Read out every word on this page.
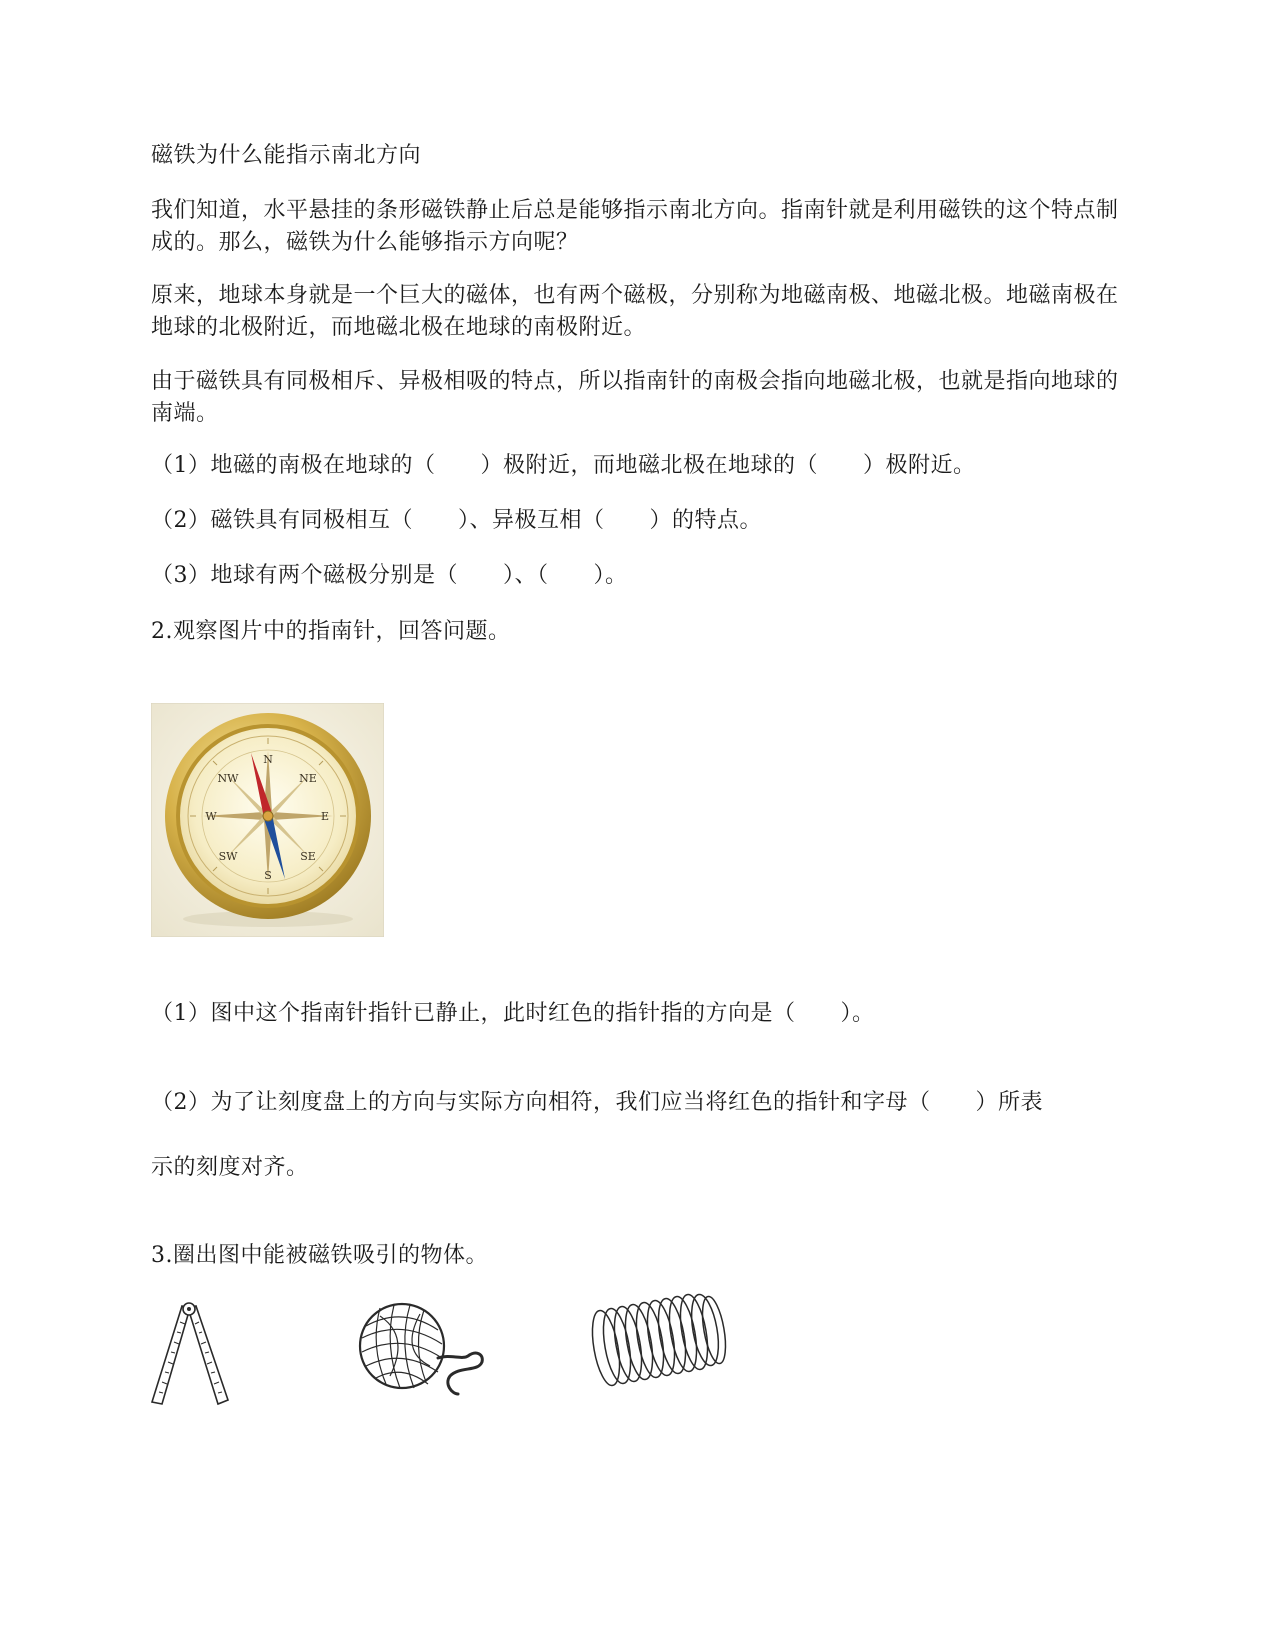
磁铁为什么能指示南北方向
我们知道，水平悬挂的条形磁铁静止后总是能够指示南北方向。指南针就是利用磁铁的这个特点制成的。那么，磁铁为什么能够指示方向呢？
原来，地球本身就是一个巨大的磁体，也有两个磁极，分别称为地磁南极、地磁北极。地磁南极在地球的北极附近，而地磁北极在地球的南极附近。
由于磁铁具有同极相斥、异极相吸的特点，所以指南针的南极会指向地磁北极，也就是指向地球的南端。
（1）地磁的南极在地球的（　　）极附近，而地磁北极在地球的（　　）极附近。
（2）磁铁具有同极相互（　　）、异极互相（　　）的特点。
（3）地球有两个磁极分别是（　　）、（　　）。
2.观察图片中的指南针，回答问题。
N
NE
E
SE
S
SW
W
NW
（1）图中这个指南针指针已静止，此时红色的指针指的方向是（　　）。
（2）为了让刻度盘上的方向与实际方向相符，我们应当将红色的指针和字母（　　）所表
示的刻度对齐。
3.圈出图中能被磁铁吸引的物体。
